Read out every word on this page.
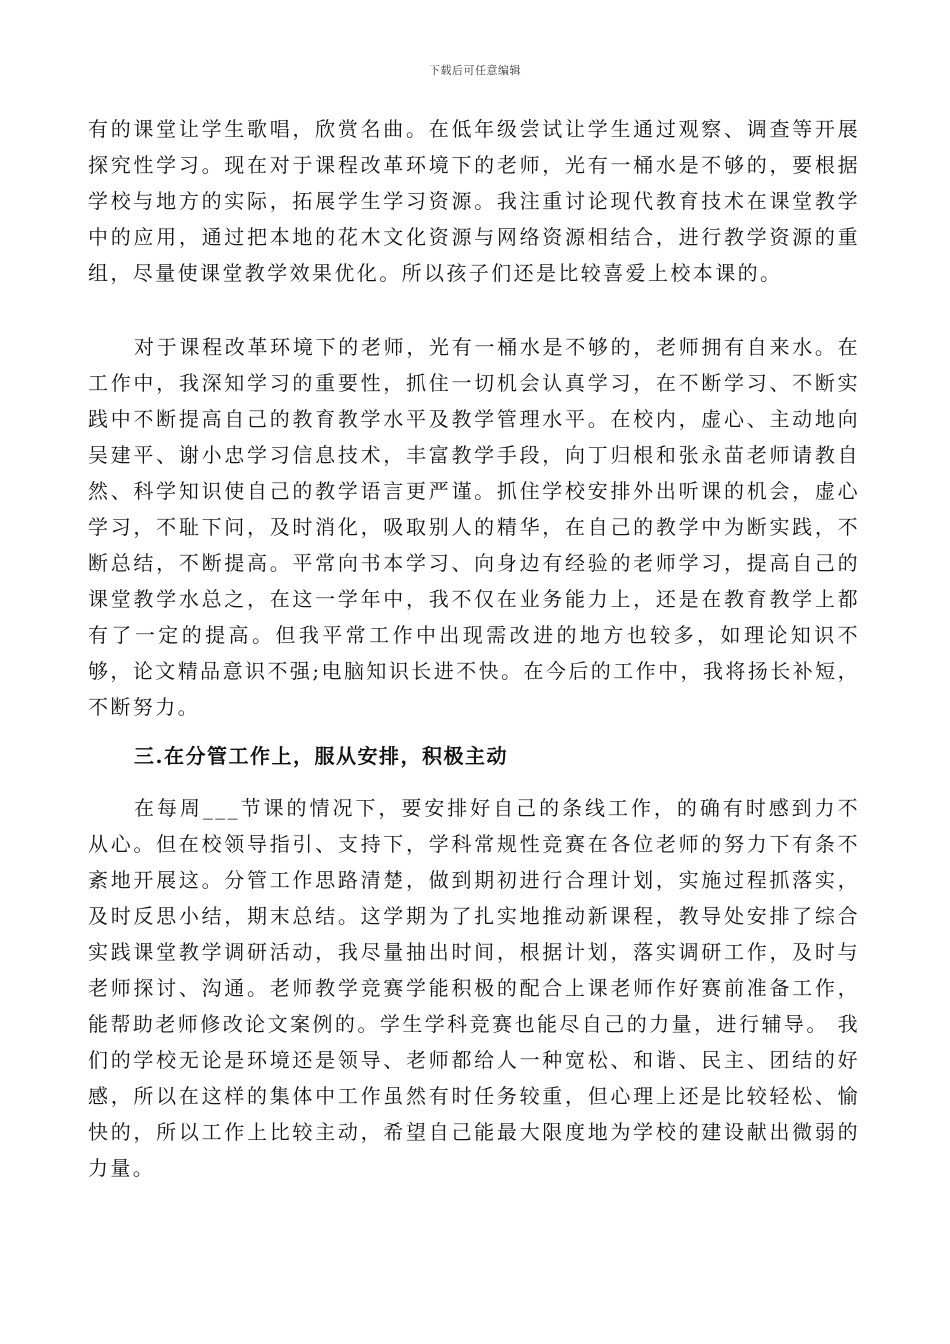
下载后可任意编辑

有的课堂让学生歌唱，欣赏名曲。在低年级尝试让学生通过观察、调查等开展探究性学习。现在对于课程改革环境下的老师，光有一桶水是不够的，要根据学校与地方的实际，拓展学生学习资源。我注重讨论现代教育技术在课堂教学中的应用，通过把本地的花木文化资源与网络资源相结合，进行教学资源的重组，尽量使课堂教学效果优化。所以孩子们还是比较喜爱上校本课的。

对于课程改革环境下的老师，光有一桶水是不够的，老师拥有自来水。在工作中，我深知学习的重要性，抓住一切机会认真学习，在不断学习、不断实践中不断提高自己的教育教学水平及教学管理水平。在校内，虚心、主动地向吴建平、谢小忠学习信息技术，丰富教学手段，向丁归根和张永苗老师请教自然、科学知识使自己的教学语言更严谨。抓住学校安排外出听课的机会，虚心学习，不耻下问，及时消化，吸取别人的精华，在自己的教学中为断实践，不断总结，不断提高。平常向书本学习、向身边有经验的老师学习，提高自己的课堂教学水总之，在这一学年中，我不仅在业务能力上，还是在教育教学上都有了一定的提高。但我平常工作中出现需改进的地方也较多，如理论知识不够，论文精品意识不强;电脑知识长进不快。在今后的工作中，我将扬长补短，不断努力。

三.在分管工作上，服从安排，积极主动

在每周___节课的情况下，要安排好自己的条线工作，的确有时感到力不从心。但在校领导指引、支持下，学科常规性竞赛在各位老师的努力下有条不紊地开展这。分管工作思路清楚，做到期初进行合理计划，实施过程抓落实，及时反思小结，期末总结。这学期为了扎实地推动新课程，教导处安排了综合实践课堂教学调研活动，我尽量抽出时间，根据计划，落实调研工作，及时与老师探讨、沟通。老师教学竞赛学能积极的配合上课老师作好赛前准备工作，能帮助老师修改论文案例的。学生学科竞赛也能尽自己的力量，进行辅导。 我们的学校无论是环境还是领导、老师都给人一种宽松、和谐、民主、团结的好感，所以在这样的集体中工作虽然有时任务较重，但心理上还是比较轻松、愉快的，所以工作上比较主动，希望自己能最大限度地为学校的建设献出微弱的力量。
